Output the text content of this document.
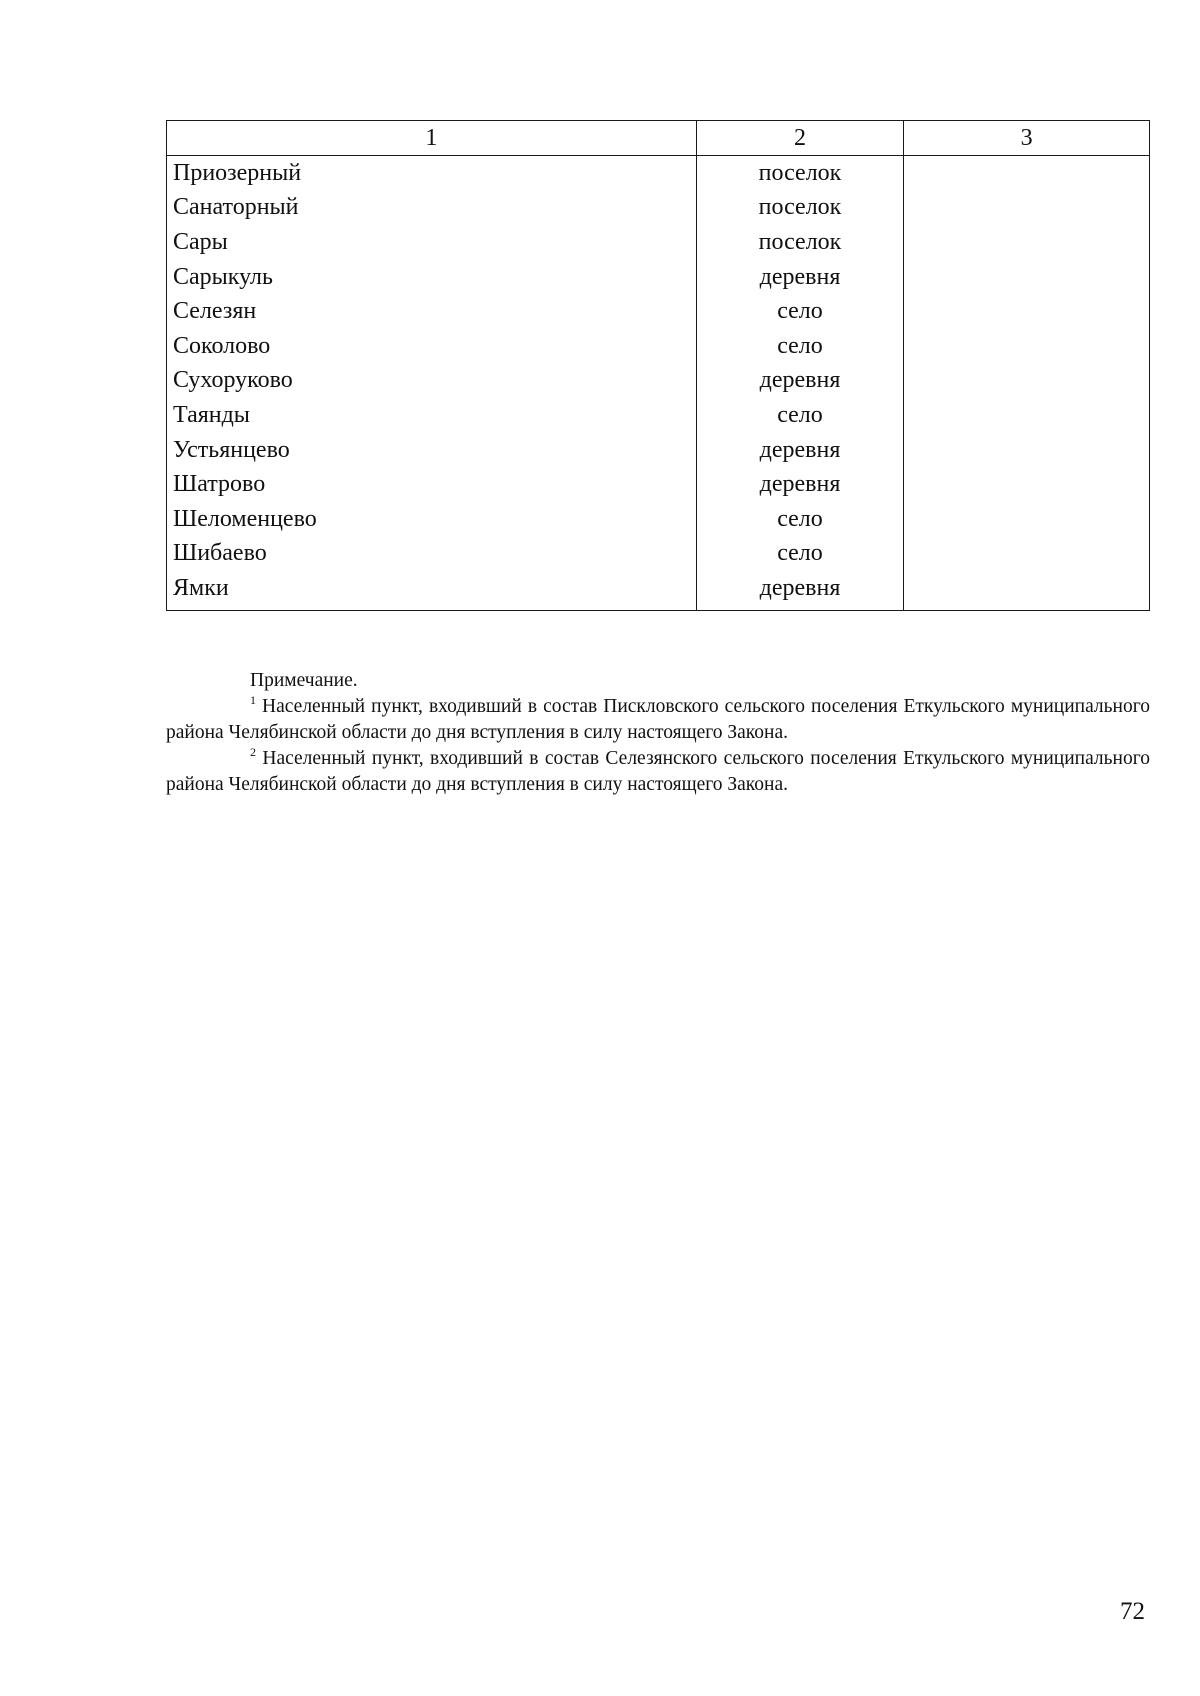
1	2	3
Приозерный	поселок	
Санаторный	поселок	
Сары	поселок	
Сарыкуль	деревня	
Селезян	село	
Соколово	село	
Сухоруково	деревня	
Таянды	село	
Устьянцево	деревня	
Шатрово	деревня	
Шеломенцево	село	
Шибаево	село	
Ямки	деревня	

Примечание.

$^1$ Населенный пункт, входивший в состав Пискловского сельского поселения Еткульского муниципального района Челябинской области до дня вступления в силу настоящего Закона.

$^2$ Населенный пункт, входивший в состав Селезянского сельского поселения Еткульского муниципального района Челябинской области до дня вступления в силу настоящего Закона.

72
